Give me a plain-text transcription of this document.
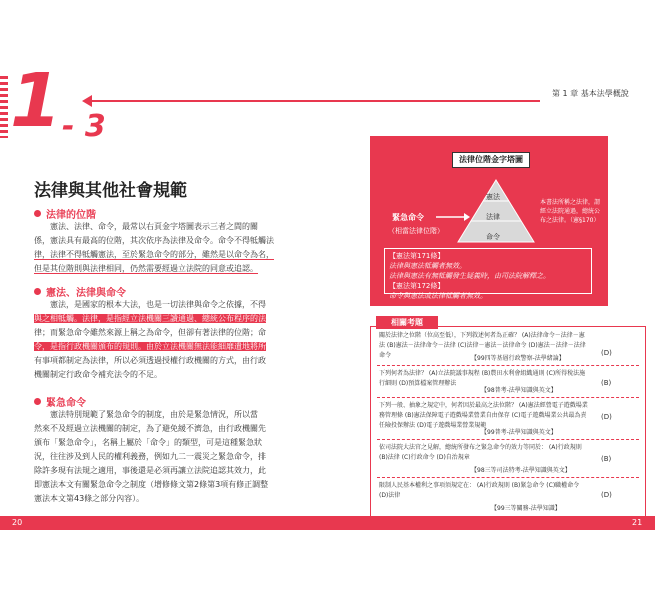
1 - 3
第 1 章 基本法學概說
法律與其他社會規範
法律的位階
憲法、法律、命令，最常以右頁金字塔圖表示三者之間的關
係，憲法具有最高的位階，其次依序為法律及命令。命令不得牴觸法
律，法律不得牴觸憲法，至於緊急命令的部分，雖然是以命令為名，
但是其位階則與法律相同，仍然需要經過立法院的同意或追認。
憲法、法律與命令
憲法，是國家的根本大法，也是一切法律與命令之依據，不得
與之相牴觸。法律，是指經立法機關三讀通過、總統公布程序的法
律；而緊急命令雖然來源上稱之為命令，但卻有著法律的位階；命
令，是指行政機關頒布的規則。由於立法機關無法能細靡遺地將所
有事項都制定為法律，所以必須透過授權行政機關的方式，由行政
機關制定行政命令補充法令的不足。
緊急命令
憲法特別規範了緊急命令的制度，由於是緊急情況，所以當
然來不及經過立法機關的制定，為了避免緩不濟急，由行政機關先
頒布「緊急命令」，名稱上屬於「命令」的類型，可是這種緊急狀
況，往往涉及到人民的權利義務，例如九二一震災之緊急命令，排
除許多現有法規之適用，事後還是必須再讓立法院追認其效力，此
即憲法本文有關緊急命令之制度（增修條文第2條第3項有修正調整
憲法本文第43條之部分內容）。
法律位階金字塔圖
憲法
法律
命令
緊急命令
（相當法律位階）
本書法所稱之法律，謂經立法院通過，總統公布之法律。（憲§170）
【憲法第171條】
法律與憲法牴觸者無效。
法律與憲法有無牴觸發生疑義時，由司法院解釋之。
【憲法第172條】
命令與憲法或法律牴觸者無效。
關於法律之位階（位高至低），下列敘述何者為正確？ (A)法律命令－法律－憲法 (B)憲法－法律命令－法律 (C)法律－憲法－法律命令 (D)憲法－法律－法律命令	【99四等基層行政警察-法學緒論】
(D)
下列何者為法律？ (A)立法院議事規程 (B)農田水利會組織通則 (C)所得稅法施行細則 (D)預算檔案管理辦法
【98普考-法學知識與英文】
(B)
下列一般、抽象之規定中，何者因於最高之法位階？ (A)憲法經營電子遊戲場業務管理條 (B)憲法保障電子遊戲場業營業自由保存 (C)電子遊戲場業公共最為責任險投保辦法 (D)電子遊戲場業營業規範
【99普考-法學知識與英文】
(D)
依司法院大法官之見解，總統所發布之緊急命令的效力等同於： (A)行政規則 (B)法律 (C)行政命令 (D)自治規章
【98三等司法特考-法學知識與英文】
(B)
限制人民基本權利之事項須規定在： (A)行政規則 (B)緊急命令 (C)職權命令 (D)法律
【99三等關務-法學知識】
(D)
相關考題
20	21
